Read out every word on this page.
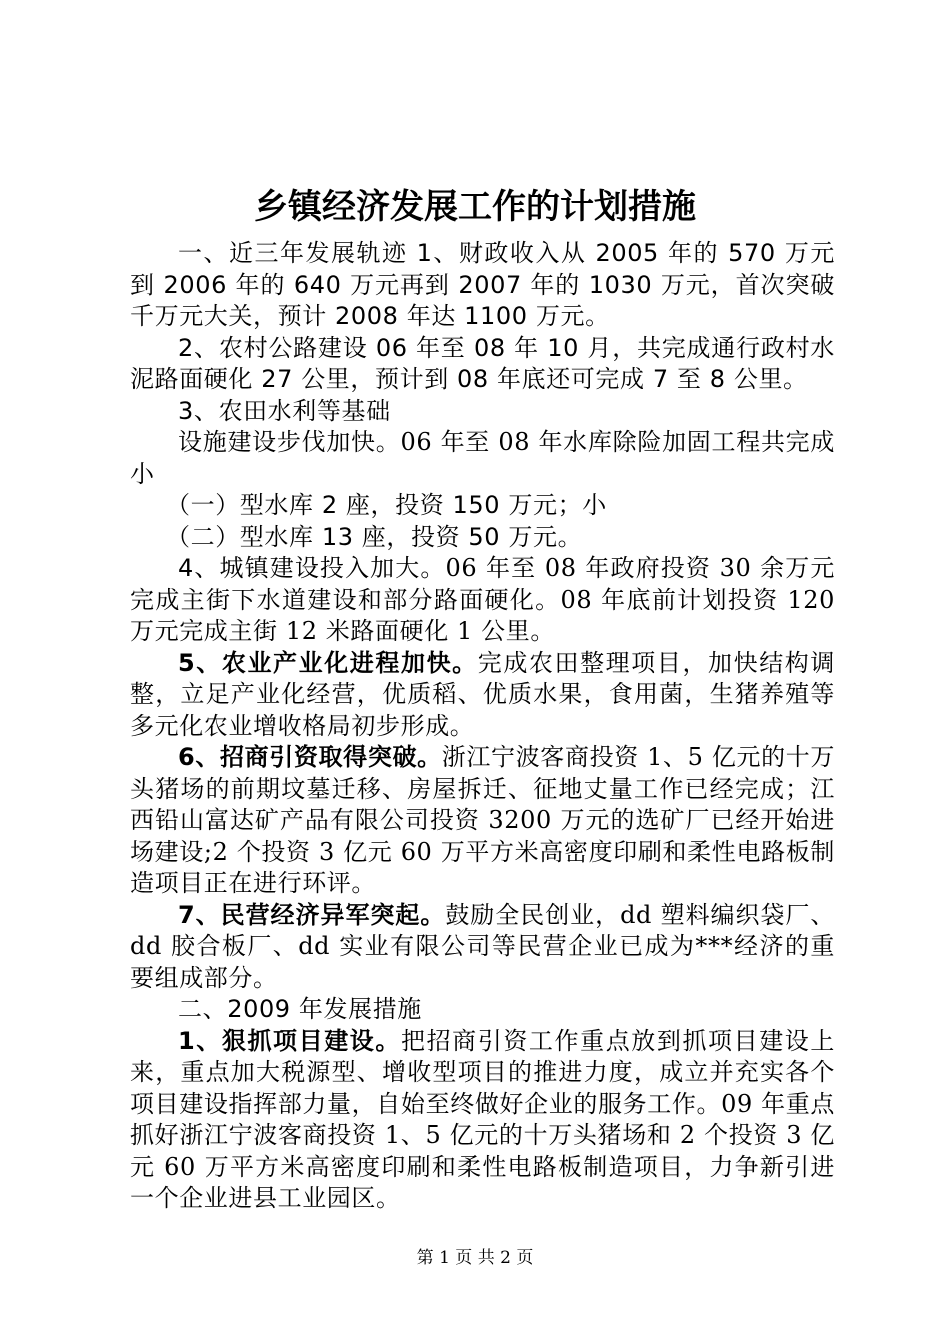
乡镇经济发展工作的计划措施

一、近三年发展轨迹 1、财政收入从 2005 年的 570 万元到 2006 年的 640 万元再到 2007 年的 1030 万元，首次突破千万元大关，预计 2008 年达 1100 万元。

2、农村公路建设 06 年至 08 年 10 月，共完成通行政村水泥路面硬化 27 公里，预计到 08 年底还可完成 7 至 8 公里。

3、农田水利等基础

设施建设步伐加快。06 年至 08 年水库除险加固工程共完成小

（一）型水库 2 座，投资 150 万元；小

（二）型水库 13 座，投资 50 万元。

4、城镇建设投入加大。06 年至 08 年政府投资 30 余万元完成主街下水道建设和部分路面硬化。08 年底前计划投资 120 万元完成主街 12 米路面硬化 1 公里。

5、农业产业化进程加快。完成农田整理项目，加快结构调整，立足产业化经营，优质稻、优质水果，食用菌，生猪养殖等多元化农业增收格局初步形成。

6、招商引资取得突破。浙江宁波客商投资 1、5 亿元的十万头猪场的前期坟墓迁移、房屋拆迁、征地丈量工作已经完成；江西铅山富达矿产品有限公司投资 3200 万元的选矿厂已经开始进场建设;2 个投资 3 亿元 60 万平方米高密度印刷和柔性电路板制造项目正在进行环评。

7、民营经济异军突起。鼓励全民创业，dd 塑料编织袋厂、dd 胶合板厂、dd 实业有限公司等民营企业已成为***经济的重要组成部分。

二、2009 年发展措施

1、狠抓项目建设。把招商引资工作重点放到抓项目建设上来，重点加大税源型、增收型项目的推进力度，成立并充实各个项目建设指挥部力量，自始至终做好企业的服务工作。09 年重点抓好浙江宁波客商投资 1、5 亿元的十万头猪场和 2 个投资 3 亿元 60 万平方米高密度印刷和柔性电路板制造项目，力争新引进一个企业进县工业园区。

第 1 页 共 2 页
